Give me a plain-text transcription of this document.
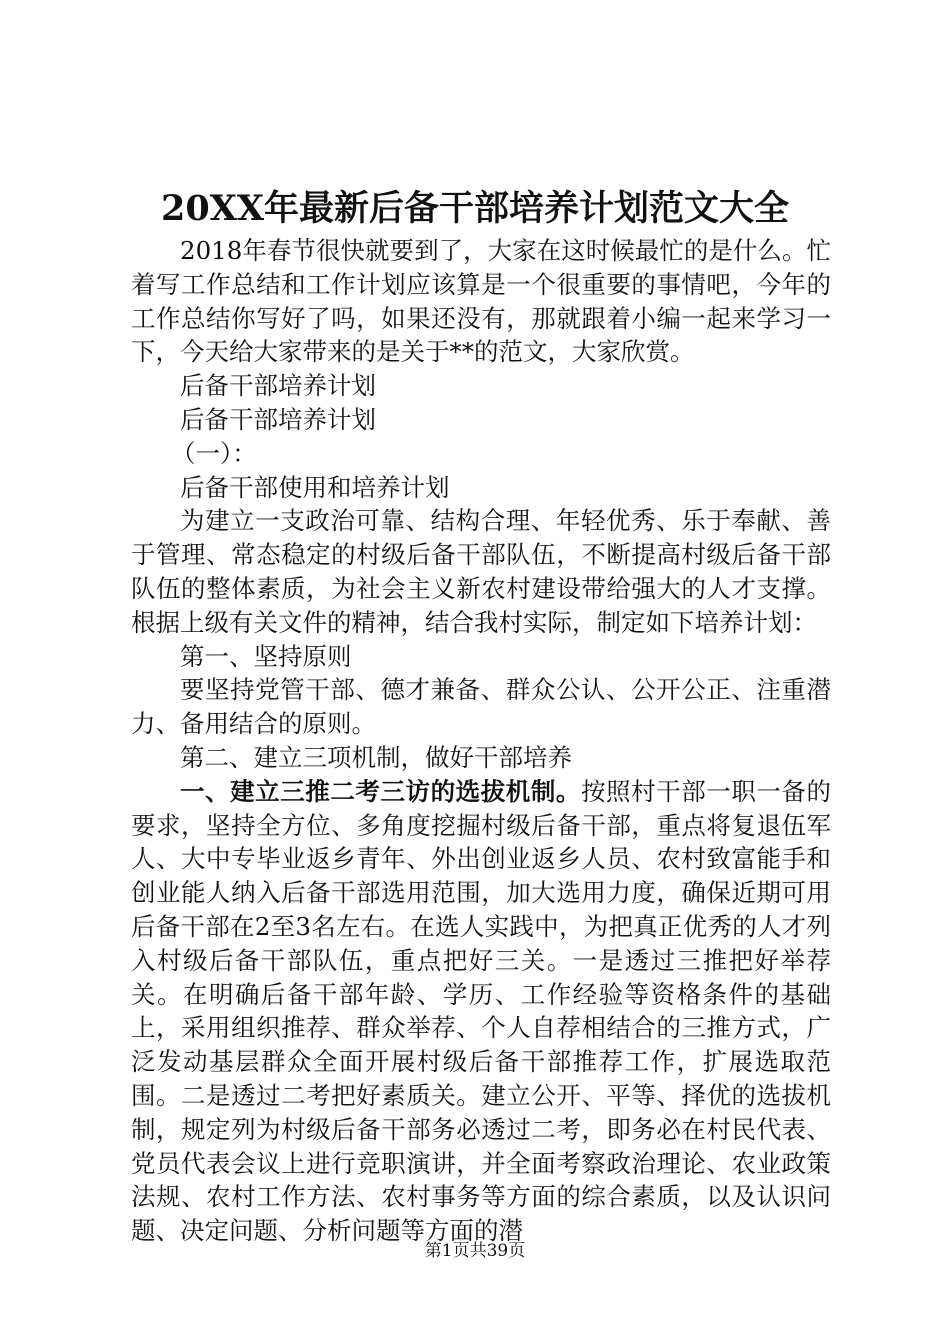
20XX年最新后备干部培养计划范文大全

2018年春节很快就要到了，大家在这时候最忙的是什么。忙着写工作总结和工作计划应该算是一个很重要的事情吧，今年的工作总结你写好了吗，如果还没有，那就跟着小编一起来学习一下，今天给大家带来的是关于**的范文，大家欣赏。

后备干部培养计划

后备干部培养计划

（一）：

后备干部使用和培养计划

为建立一支政治可靠、结构合理、年轻优秀、乐于奉献、善于管理、常态稳定的村级后备干部队伍，不断提高村级后备干部队伍的整体素质，为社会主义新农村建设带给强大的人才支撑。根据上级有关文件的精神，结合我村实际，制定如下培养计划：

第一、坚持原则

要坚持党管干部、德才兼备、群众公认、公开公正、注重潜力、备用结合的原则。

第二、建立三项机制，做好干部培养

一、建立三推二考三访的选拔机制。按照村干部一职一备的要求，坚持全方位、多角度挖掘村级后备干部，重点将复退伍军人、大中专毕业返乡青年、外出创业返乡人员、农村致富能手和创业能人纳入后备干部选用范围，加大选用力度，确保近期可用后备干部在2至3名左右。在选人实践中，为把真正优秀的人才列入村级后备干部队伍，重点把好三关。一是透过三推把好举荐关。在明确后备干部年龄、学历、工作经验等资格条件的基础上，采用组织推荐、群众举荐、个人自荐相结合的三推方式，广泛发动基层群众全面开展村级后备干部推荐工作，扩展选取范围。二是透过二考把好素质关。建立公开、平等、择优的选拔机制，规定列为村级后备干部务必透过二考，即务必在村民代表、党员代表会议上进行竞职演讲，并全面考察政治理论、农业政策法规、农村工作方法、农村事务等方面的综合素质，以及认识问题、决定问题、分析问题等方面的潜

第1页共39页
